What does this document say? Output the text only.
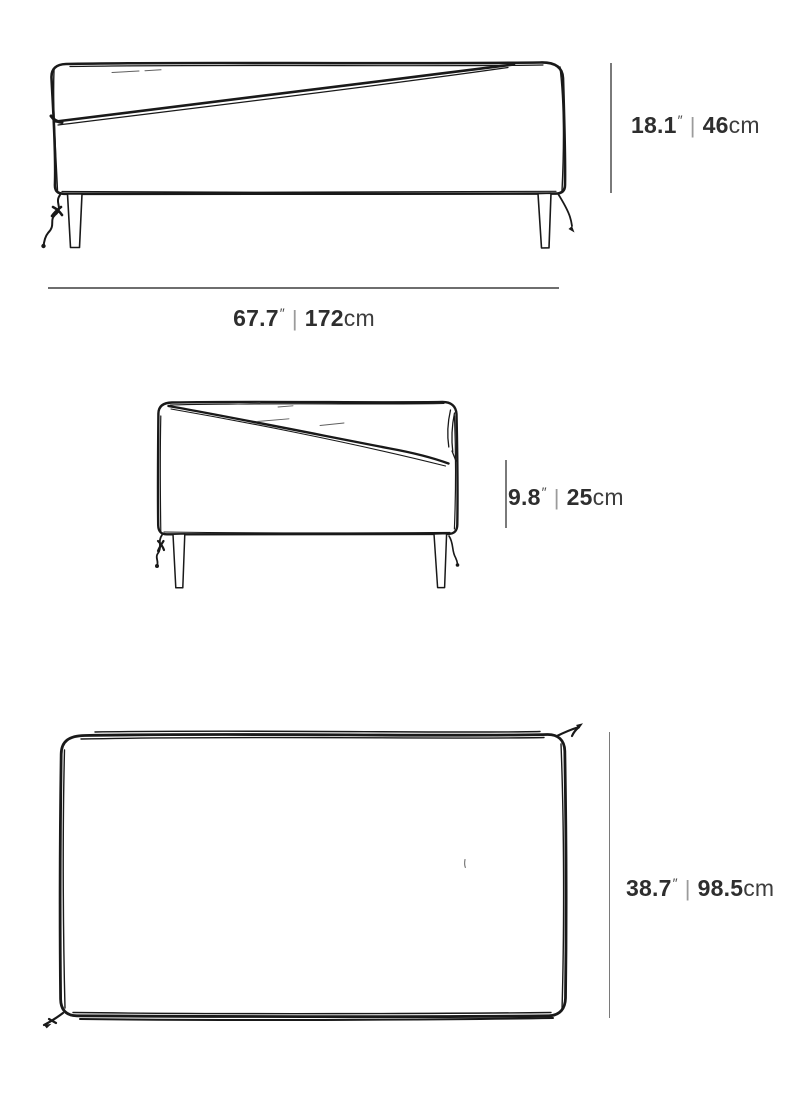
18.1″ | 46cm
67.7″ | 172cm
9.8″ | 25cm
38.7″ | 98.5cm
